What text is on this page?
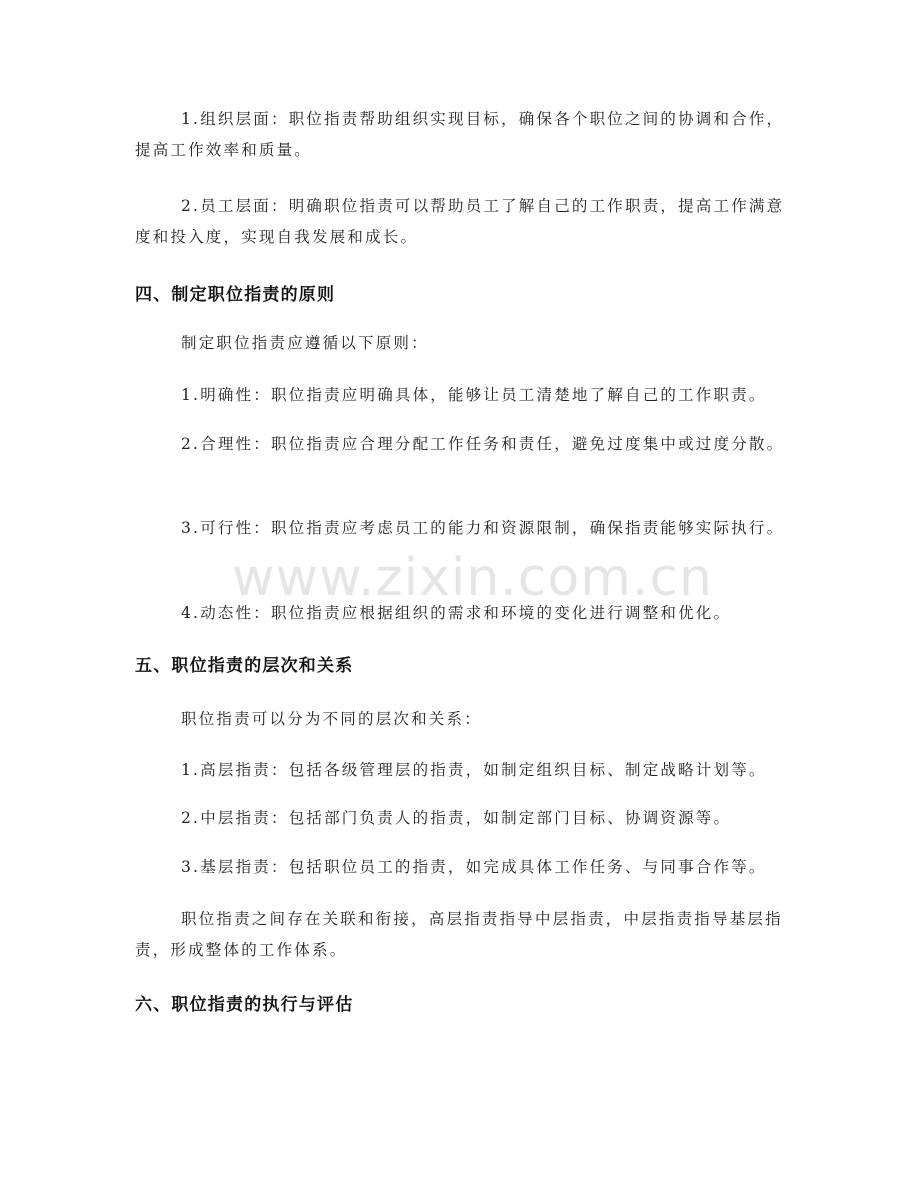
1.组织层面：职位指责帮助组织实现目标，确保各个职位之间的协调和合作，提高工作效率和质量。

2.员工层面：明确职位指责可以帮助员工了解自己的工作职责，提高工作满意度和投入度，实现自我发展和成长。

四、制定职位指责的原则

制定职位指责应遵循以下原则：

1.明确性：职位指责应明确具体，能够让员工清楚地了解自己的工作职责。

2.合理性：职位指责应合理分配工作任务和责任，避免过度集中或过度分散。

3.可行性：职位指责应考虑员工的能力和资源限制，确保指责能够实际执行。

4.动态性：职位指责应根据组织的需求和环境的变化进行调整和优化。

五、职位指责的层次和关系

职位指责可以分为不同的层次和关系：

1.高层指责：包括各级管理层的指责，如制定组织目标、制定战略计划等。

2.中层指责：包括部门负责人的指责，如制定部门目标、协调资源等。

3.基层指责：包括职位员工的指责，如完成具体工作任务、与同事合作等。

职位指责之间存在关联和衔接，高层指责指导中层指责，中层指责指导基层指责，形成整体的工作体系。

六、职位指责的执行与评估
www.zixin.com.cn
